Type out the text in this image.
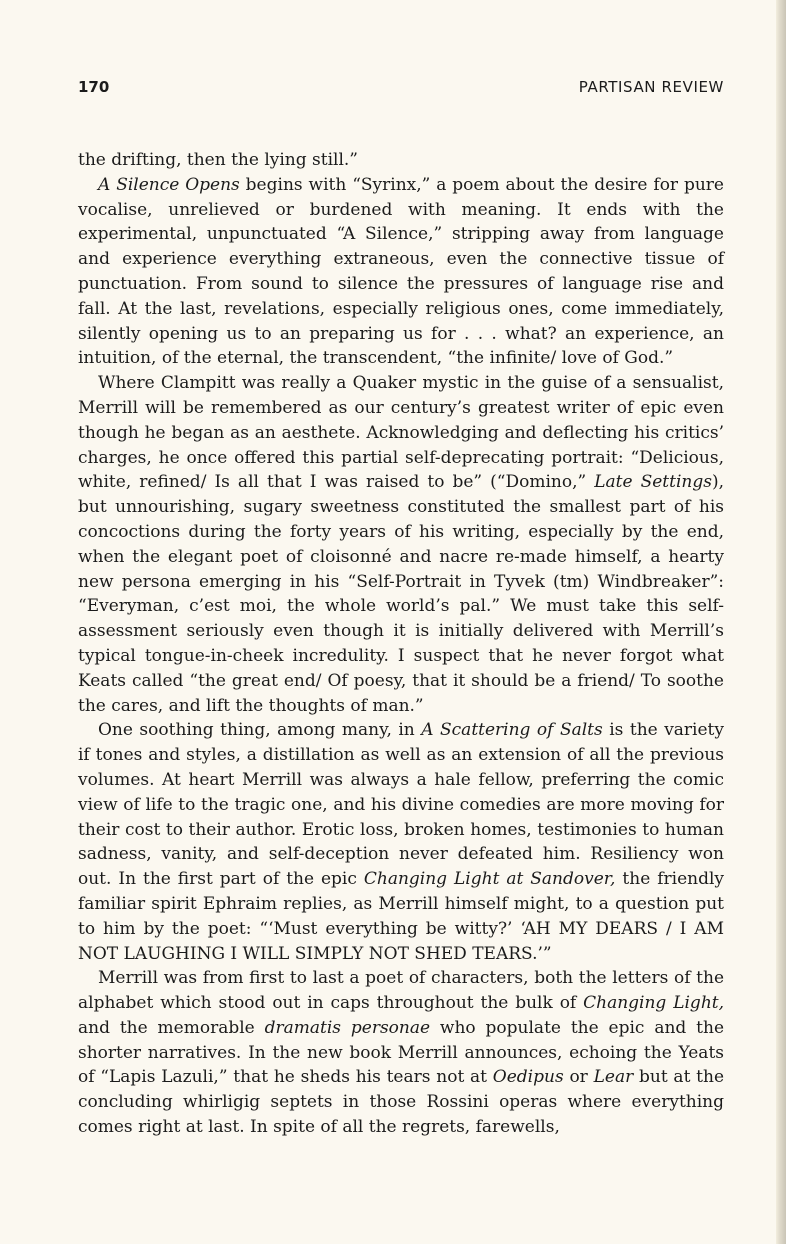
170	PARTISAN REVIEW

the drifting, then the lying still.”

A Silence Opens begins with “Syrinx,” a poem about the desire for pure vocalise, unrelieved or burdened with meaning. It ends with the experimental, unpunctuated “A Silence,” stripping away from language and experience everything extraneous, even the connective tissue of punctuation. From sound to silence the pressures of language rise and fall. At the last, revelations, especially religious ones, come immediately, silently opening us to an preparing us for . . . what? an experience, an intuition, of the eternal, the transcendent, “the infinite/ love of God.”

Where Clampitt was really a Quaker mystic in the guise of a sensualist, Merrill will be remembered as our century’s greatest writer of epic even though he began as an aesthete. Acknowledging and deflecting his critics’ charges, he once offered this partial self-deprecating portrait: “Delicious, white, refined/ Is all that I was raised to be” (“Domino,” Late Settings), but unnourishing, sugary sweetness constituted the smallest part of his concoctions during the forty years of his writing, especially by the end, when the elegant poet of cloisonné and nacre re-made himself, a hearty new persona emerging in his “Self-Portrait in Tyvek (tm) Windbreaker”: “Everyman, c’est moi, the whole world’s pal.” We must take this self-assessment seriously even though it is initially delivered with Merrill’s typical tongue-in-cheek incredulity. I suspect that he never forgot what Keats called “the great end/ Of poesy, that it should be a friend/ To soothe the cares, and lift the thoughts of man.”

One soothing thing, among many, in A Scattering of Salts is the variety if tones and styles, a distillation as well as an extension of all the previous volumes. At heart Merrill was always a hale fellow, preferring the comic view of life to the tragic one, and his divine comedies are more moving for their cost to their author. Erotic loss, broken homes, testimonies to human sadness, vanity, and self-deception never defeated him. Resiliency won out. In the first part of the epic Changing Light at Sandover, the friendly familiar spirit Ephraim replies, as Merrill himself might, to a question put to him by the poet: “‘Must everything be witty?’ ‘AH MY DEARS / I AM NOT LAUGHING I WILL SIMPLY NOT SHED TEARS.’”

Merrill was from first to last a poet of characters, both the letters of the alphabet which stood out in caps throughout the bulk of Changing Light, and the memorable dramatis personae who populate the epic and the shorter narratives. In the new book Merrill announces, echoing the Yeats of “Lapis Lazuli,” that he sheds his tears not at Oedipus or Lear but at the concluding whirligig septets in those Rossini operas where everything comes right at last. In spite of all the regrets, farewells,
